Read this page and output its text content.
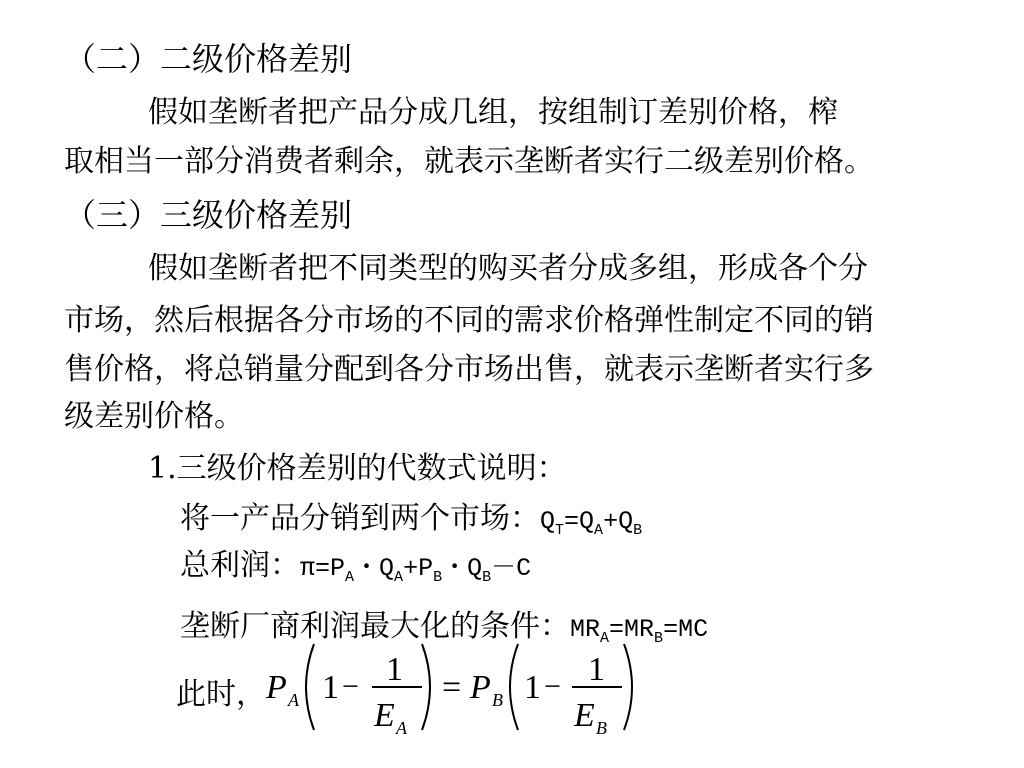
（二）二级价格差别
假如垄断者把产品分成几组，按组制订差别价格，榨
取相当一部分消费者剩余，就表示垄断者实行二级差别价格。
（三）三级价格差别
假如垄断者把不同类型的购买者分成多组，形成各个分
市场，然后根据各分市场的不同的需求价格弹性制定不同的销
售价格，将总销量分配到各分市场出售，就表示垄断者实行多
级差别价格。
1.三级价格差别的代数式说明：
将一产品分销到两个市场：$Q_T=Q_A+Q_B$
总利润：$\pi=P_A$・$Q_A+P_B$・$Q_B-C$
垄断厂商利润最大化的条件：$MR_A=MR_B=MC$
此时， P A 1 − 1
E A
= P B 1 − 1
E B
